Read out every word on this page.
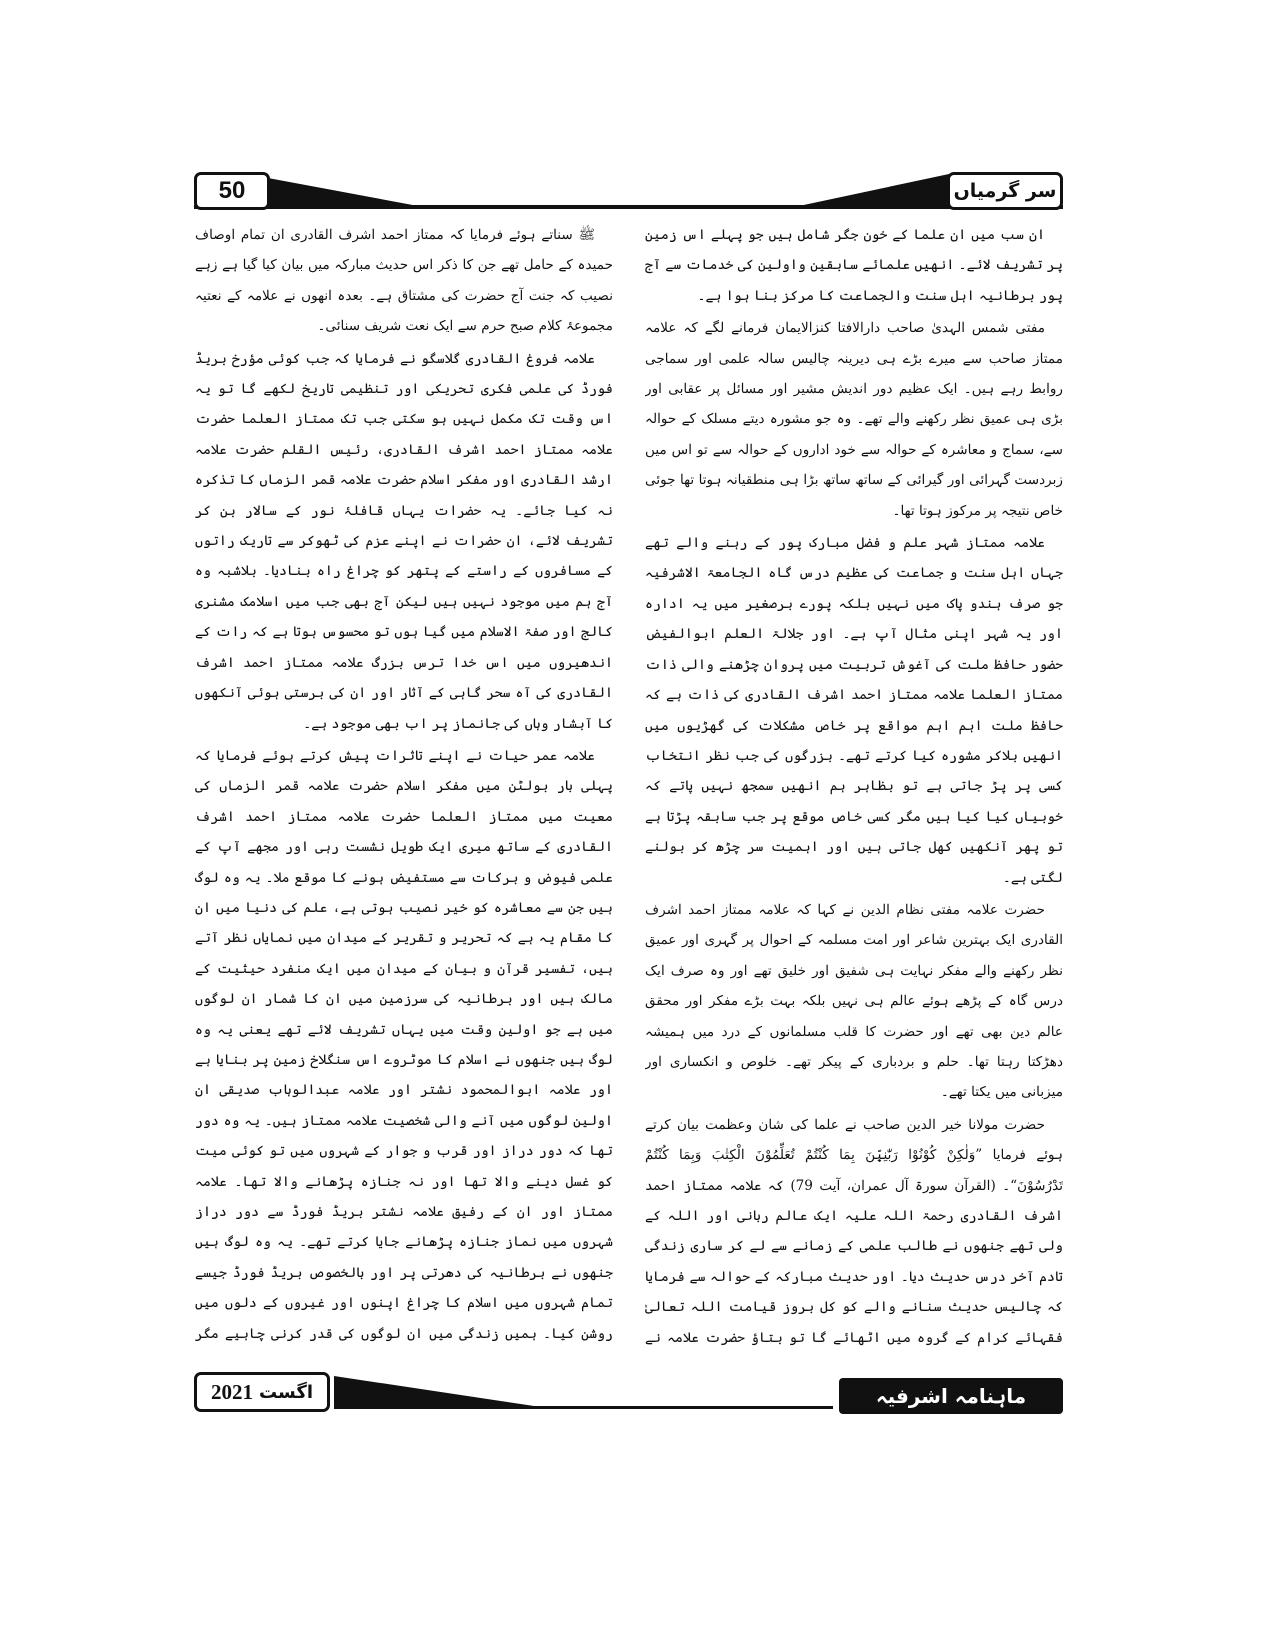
50	سر گرمیاں

ان سب میں ان علما کے خون جگر شامل ہیں جو پہلے اس زمین پر تشریف لائے۔ انھیں علمائے سابقین واولین کی خدمات سے آج پور برطانیہ اہل سنت والجماعت کا مرکز بنا ہوا ہے۔

مفتی شمس الہدیٰ صاحب دارالافتا کنزالایمان فرمانے لگے کہ علامہ ممتاز صاحب سے میرے بڑے ہی دیرینہ چالیس سالہ علمی اور سماجی روابط رہے ہیں۔ ایک عظیم دور اندیش مشیر اور مسائل پر عقابی اور بڑی ہی عمیق نظر رکھنے والے تھے۔ وہ جو مشورہ دیتے مسلک کے حوالہ سے، سماج و معاشرہ کے حوالہ سے خود اداروں کے حوالہ سے تو اس میں زبردست گہرائی اور گیرائی کے ساتھ ساتھ بڑا ہی منطقیانہ ہوتا تھا جوئی خاص نتیجہ پر مرکوز ہوتا تھا۔

علامہ ممتاز شہر علم و فضل مبارک پور کے رہنے والے تھے جہاں اہل سنت و جماعت کی عظیم درس گاہ الجامعۃ الاشرفیہ جو صرف ہندو پاک میں نہیں بلکہ پورے برصغیر میں یہ ادارہ اور یہ شہر اپنی مثال آپ ہے۔ اور جلالۃ العلم ابوالفیض حضور حافظ ملت کی آغوش تربیت میں پروان چڑھنے والی ذات ممتاز العلما علامہ ممتاز احمد اشرف القادری کی ذات ہے کہ حافظ ملت اہم اہم مواقع پر خاص مشکلات کی گھڑیوں میں انھیں بلاکر مشورہ کیا کرتے تھے۔ بزرگوں کی جب نظر انتخاب کسی پر پڑ جاتی ہے تو بظاہر ہم انھیں سمجھ نہیں پاتے کہ خوبیاں کیا کیا ہیں مگر کسی خاص موقع پر جب سابقہ پڑتا ہے تو پھر آنکھیں کھل جاتی ہیں اور اہمیت سر چڑھ کر بولنے لگتی ہے۔

حضرت علامہ مفتی نظام الدین نے کہا کہ علامہ ممتاز احمد اشرف القادری ایک بہترین شاعر اور امت مسلمہ کے احوال پر گہری اور عمیق نظر رکھنے والے مفکر نہایت ہی شفیق اور خلیق تھے اور وہ صرف ایک درس گاہ کے پڑھے ہوئے عالم ہی نہیں بلکہ بہت بڑے مفکر اور محقق عالم دین بھی تھے اور حضرت کا قلب مسلمانوں کے درد میں ہمیشہ دھڑکتا رہتا تھا۔ حلم و بردباری کے پیکر تھے۔ خلوص و انکساری اور میزبانی میں یکتا تھے۔

حضرت مولانا خیر الدین صاحب نے علما کی شان وعظمت بیان کرتے ہوئے فرمایا ”وَلٰکِنْ کُوْنُوْا رَبّٰنِیّٖنَ بِمَا کُنْتُمْ تُعَلِّمُوْنَ الْکِتٰبَ وَبِمَا کُنْتُمْ تَدْرُسُوْنَ“۔ (القرآن سورۃ آل عمران، آیت 79) کہ علامہ ممتاز احمد اشرف القادری رحمۃ اللہ علیہ ایک عالم ربانی اور اللہ کے ولی تھے جنھوں نے طالب علمی کے زمانے سے لے کر ساری زندگی تادم آخر درس حدیث دیا۔ اور حدیث مبارکہ کے حوالہ سے فرمایا کہ چالیس حدیث سنانے والے کو کل بروز قیامت اللہ تعالیٰ فقہائے کرام کے گروہ میں اٹھائے گا تو بتاؤ حضرت علامہ نے

ﷺ سناتے ہوئے فرمایا کہ ممتاز احمد اشرف القادری ان تمام اوصاف حمیدہ کے حامل تھے جن کا ذکر اس حدیث مبارکہ میں بیان کیا گیا ہے زہے نصیب کہ جنت آج حضرت کی مشتاق ہے۔ بعدہ انھوں نے علامہ کے نعتیہ مجموعۂ کلام صبح حرم سے ایک نعت شریف سنائی۔

علامہ فروغ القادری گلاسگو نے فرمایا کہ جب کوئی مؤرخ بریڈ فورڈ کی علمی فکری تحریکی اور تنظیمی تاریخ لکھے گا تو یہ اس وقت تک مکمل نہیں ہو سکتی جب تک ممتاز العلما حضرت علامہ ممتاز احمد اشرف القادری، رئیس القلم حضرت علامہ ارشد القادری اور مفکر اسلام حضرت علامہ قمر الزماں کا تذکرہ نہ کیا جائے۔ یہ حضرات یہاں قافلۂ نور کے سالار بن کر تشریف لائے، ان حضرات نے اپنے عزم کی ٹھوکر سے تاریک راتوں کے مسافروں کے راستے کے پتھر کو چراغ راہ بنادیا۔ بلاشبہ وہ آج ہم میں موجود نہیں ہیں لیکن آج بھی جب میں اسلامک مشنری کالج اور صفۃ الاسلام میں گیا ہوں تو محسوس ہوتا ہے کہ رات کے اندھیروں میں اس خدا ترس بزرگ علامہ ممتاز احمد اشرف القادری کی آہ سحر گاہی کے آثار اور ان کی برستی ہوئی آنکھوں کا آبشار وہاں کی جانماز پر اب بھی موجود ہے۔

علامہ عمر حیات نے اپنے تاثرات پیش کرتے ہوئے فرمایا کہ پہلی بار بولٹن میں مفکر اسلام حضرت علامہ قمر الزماں کی معیت میں ممتاز العلما حضرت علامہ ممتاز احمد اشرف القادری کے ساتھ میری ایک طویل نشست رہی اور مجھے آپ کے علمی فیوض و برکات سے مستفیض ہونے کا موقع ملا۔ یہ وہ لوگ ہیں جن سے معاشرہ کو خیر نصیب ہوتی ہے، علم کی دنیا میں ان کا مقام یہ ہے کہ تحریر و تقریر کے میدان میں نمایاں نظر آتے ہیں، تفسیر قرآن و بیان کے میدان میں ایک منفرد حیثیت کے مالک ہیں اور برطانیہ کی سرزمین میں ان کا شمار ان لوگوں میں ہے جو اولین وقت میں یہاں تشریف لائے تھے یعنی یہ وہ لوگ ہیں جنھوں نے اسلام کا موٹروے اس سنگلاخ زمین پر بنایا ہے اور علامہ ابوالمحمود نشتر اور علامہ عبدالوہاب صدیقی ان اولین لوگوں میں آنے والی شخصیت علامہ ممتاز ہیں۔ یہ وہ دور تھا کہ دور دراز اور قرب و جوار کے شہروں میں تو کوئی میت کو غسل دینے والا تھا اور نہ جنازہ پڑھانے والا تھا۔ علامہ ممتاز اور ان کے رفیق علامہ نشتر بریڈ فورڈ سے دور دراز شہروں میں نماز جنازہ پڑھانے جایا کرتے تھے۔ یہ وہ لوگ ہیں جنھوں نے برطانیہ کی دھرتی پر اور بالخصوص بریڈ فورڈ جیسے تمام شہروں میں اسلام کا چراغ اپنوں اور غیروں کے دلوں میں روشن کیا۔ ہمیں زندگی میں ان لوگوں کی قدر کرنی چاہیے مگر

اگست
2021	ماہنامہ اشرفیہ
